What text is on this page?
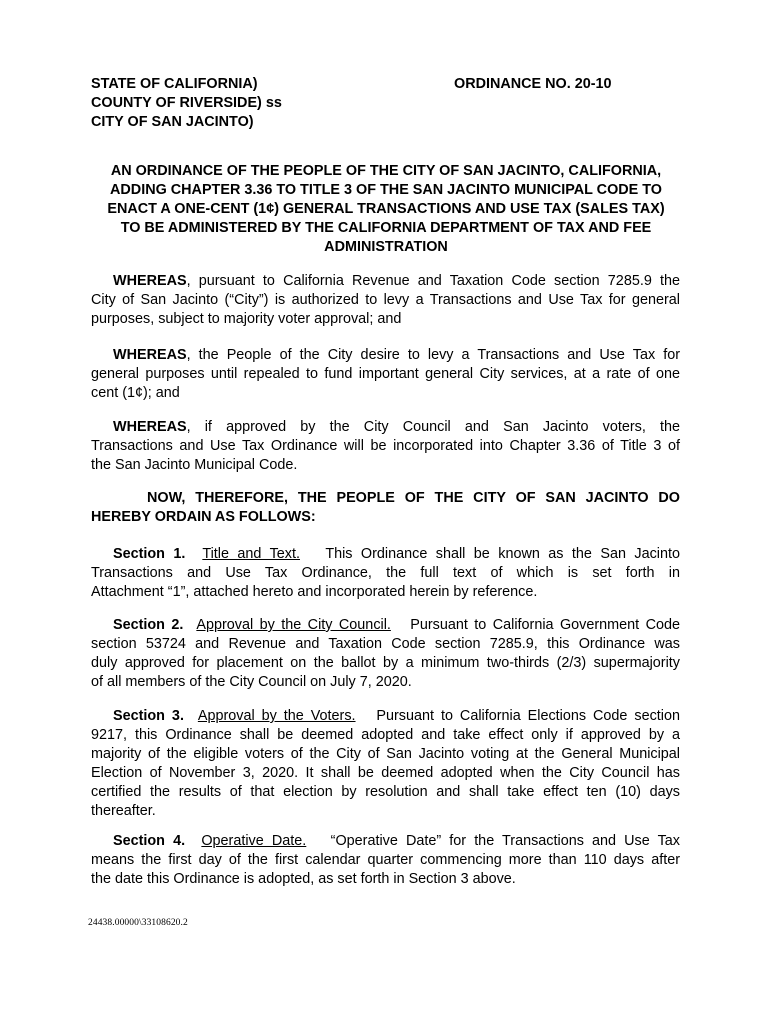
STATE OF CALIFORNIA)
COUNTY OF RIVERSIDE) ss
CITY OF SAN JACINTO)
ORDINANCE NO. 20-10
AN ORDINANCE OF THE PEOPLE OF THE CITY OF SAN JACINTO, CALIFORNIA,
ADDING CHAPTER 3.36 TO TITLE 3 OF THE SAN JACINTO MUNICIPAL CODE TO
ENACT A ONE-CENT (1¢) GENERAL TRANSACTIONS AND USE TAX (SALES TAX)
TO BE ADMINISTERED BY THE CALIFORNIA DEPARTMENT OF TAX AND FEE
ADMINISTRATION
WHEREAS, pursuant to California Revenue and Taxation Code section 7285.9 the
City of San Jacinto (“City”) is authorized to levy a Transactions and Use Tax for general
purposes, subject to majority voter approval; and
WHEREAS, the People of the City desire to levy a Transactions and Use Tax for
general purposes until repealed to fund important general City services, at a rate of one
cent (1¢); and
WHEREAS, if approved by the City Council and San Jacinto voters, the
Transactions and Use Tax Ordinance will be incorporated into Chapter 3.36 of Title 3 of
the San Jacinto Municipal Code.
NOW, THEREFORE, THE PEOPLE OF THE CITY OF SAN JACINTO DO
HEREBY ORDAIN AS FOLLOWS:
Section 1. Title and Text. This Ordinance shall be known as the San Jacinto
Transactions and Use Tax Ordinance, the full text of which is set forth in
Attachment “1”, attached hereto and incorporated herein by reference.
Section 2. Approval by the City Council. Pursuant to California Government Code
section 53724 and Revenue and Taxation Code section 7285.9, this Ordinance was
duly approved for placement on the ballot by a minimum two-thirds (2/3) supermajority
of all members of the City Council on July 7, 2020.
Section 3. Approval by the Voters. Pursuant to California Elections Code section
9217, this Ordinance shall be deemed adopted and take effect only if approved by a
majority of the eligible voters of the City of San Jacinto voting at the General Municipal
Election of November 3, 2020. It shall be deemed adopted when the City Council has
certified the results of that election by resolution and shall take effect ten (10) days
thereafter.
Section 4. Operative Date. “Operative Date” for the Transactions and Use Tax
means the first day of the first calendar quarter commencing more than 110 days after
the date this Ordinance is adopted, as set forth in Section 3 above.
24438.00000\33108620.2
